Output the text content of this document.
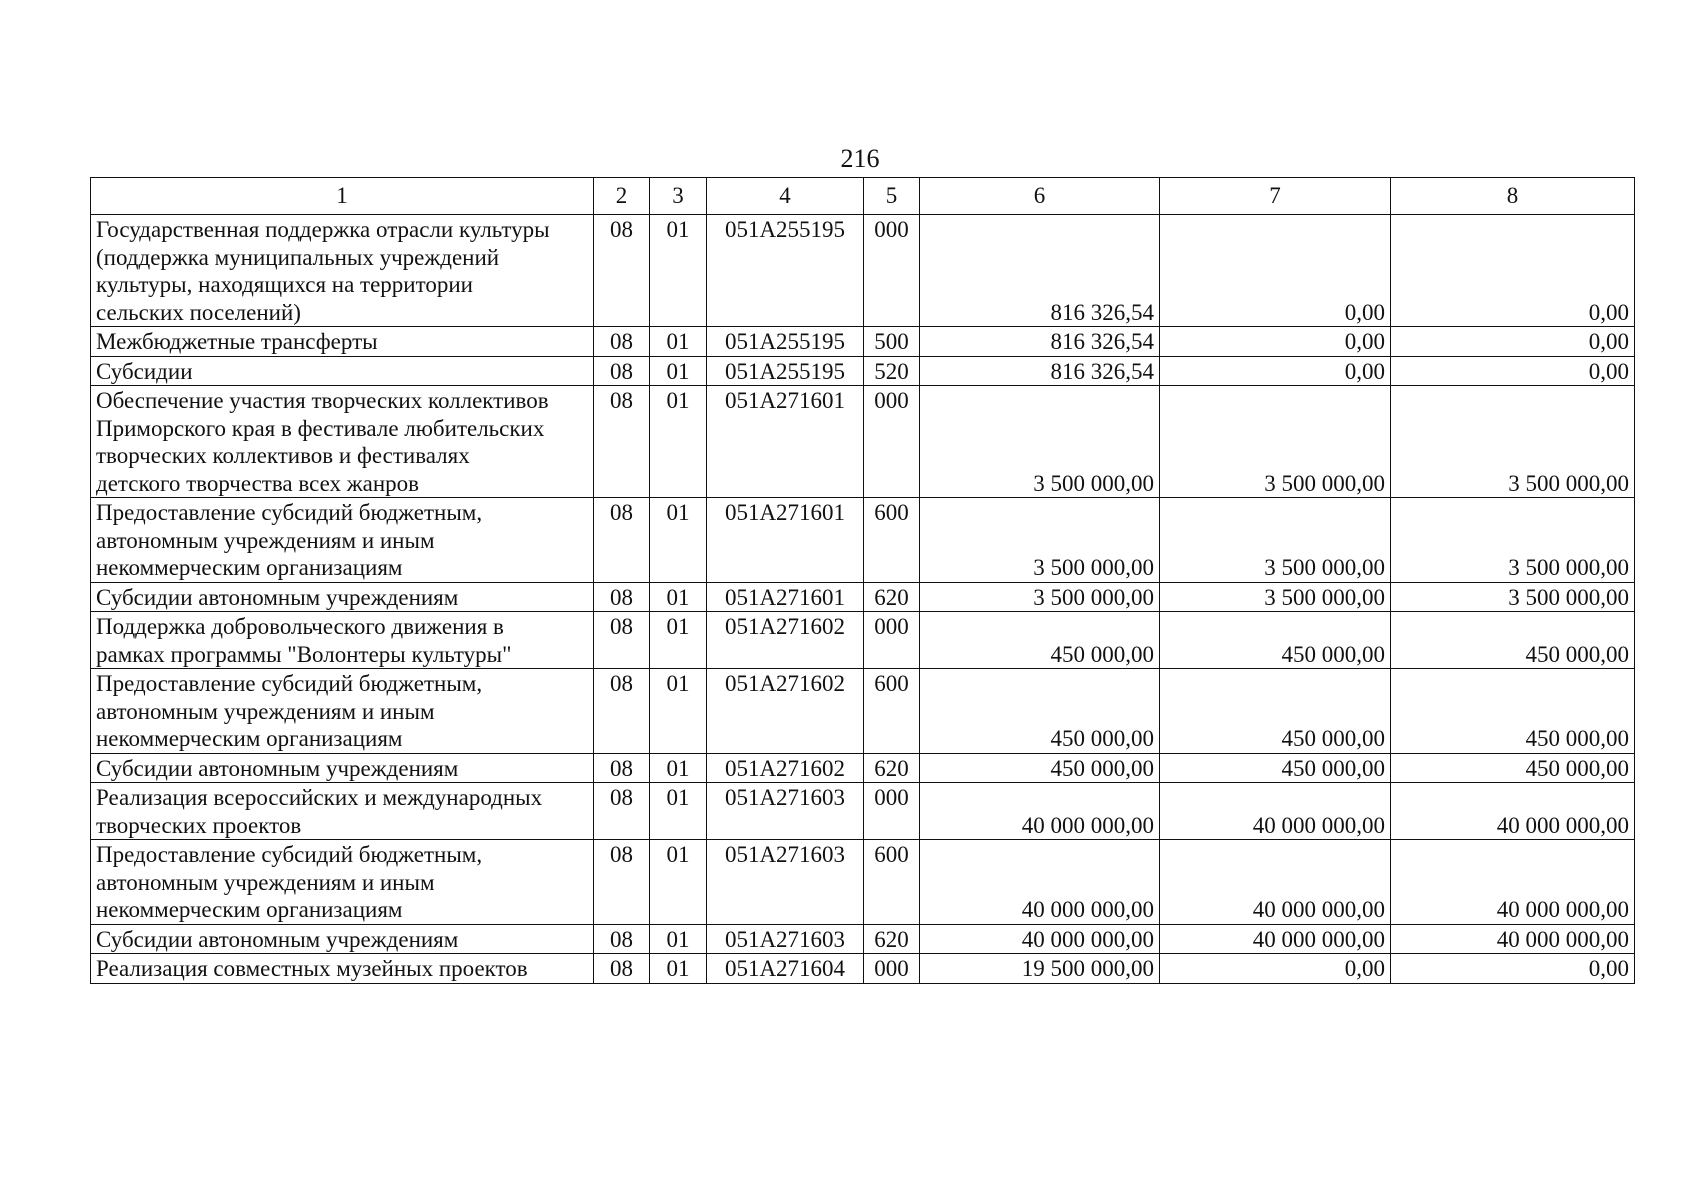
216
1	2	3	4	5	6	7	8
Государственная поддержка отрасли культуры
(поддержка муниципальных учреждений
культуры, находящихся на территории
сельских поселений)	08	01	051A255195	000	816 326,54	0,00	0,00
Межбюджетные трансферты	08	01	051A255195	500	816 326,54	0,00	0,00
Субсидии	08	01	051A255195	520	816 326,54	0,00	0,00
Обеспечение участия творческих коллективов
Приморского края в фестивале любительских
творческих коллективов и фестивалях
детского творчества всех жанров	08	01	051A271601	000	3 500 000,00	3 500 000,00	3 500 000,00
Предоставление субсидий бюджетным,
автономным учреждениям и иным
некоммерческим организациям	08	01	051A271601	600	3 500 000,00	3 500 000,00	3 500 000,00
Субсидии автономным учреждениям	08	01	051A271601	620	3 500 000,00	3 500 000,00	3 500 000,00
Поддержка добровольческого движения в
рамках программы "Волонтеры культуры"	08	01	051A271602	000	450 000,00	450 000,00	450 000,00
Предоставление субсидий бюджетным,
автономным учреждениям и иным
некоммерческим организациям	08	01	051A271602	600	450 000,00	450 000,00	450 000,00
Субсидии автономным учреждениям	08	01	051A271602	620	450 000,00	450 000,00	450 000,00
Реализация всероссийских и международных
творческих проектов	08	01	051A271603	000	40 000 000,00	40 000 000,00	40 000 000,00
Предоставление субсидий бюджетным,
автономным учреждениям и иным
некоммерческим организациям	08	01	051A271603	600	40 000 000,00	40 000 000,00	40 000 000,00
Субсидии автономным учреждениям	08	01	051A271603	620	40 000 000,00	40 000 000,00	40 000 000,00
Реализация совместных музейных проектов	08	01	051A271604	000	19 500 000,00	0,00	0,00
